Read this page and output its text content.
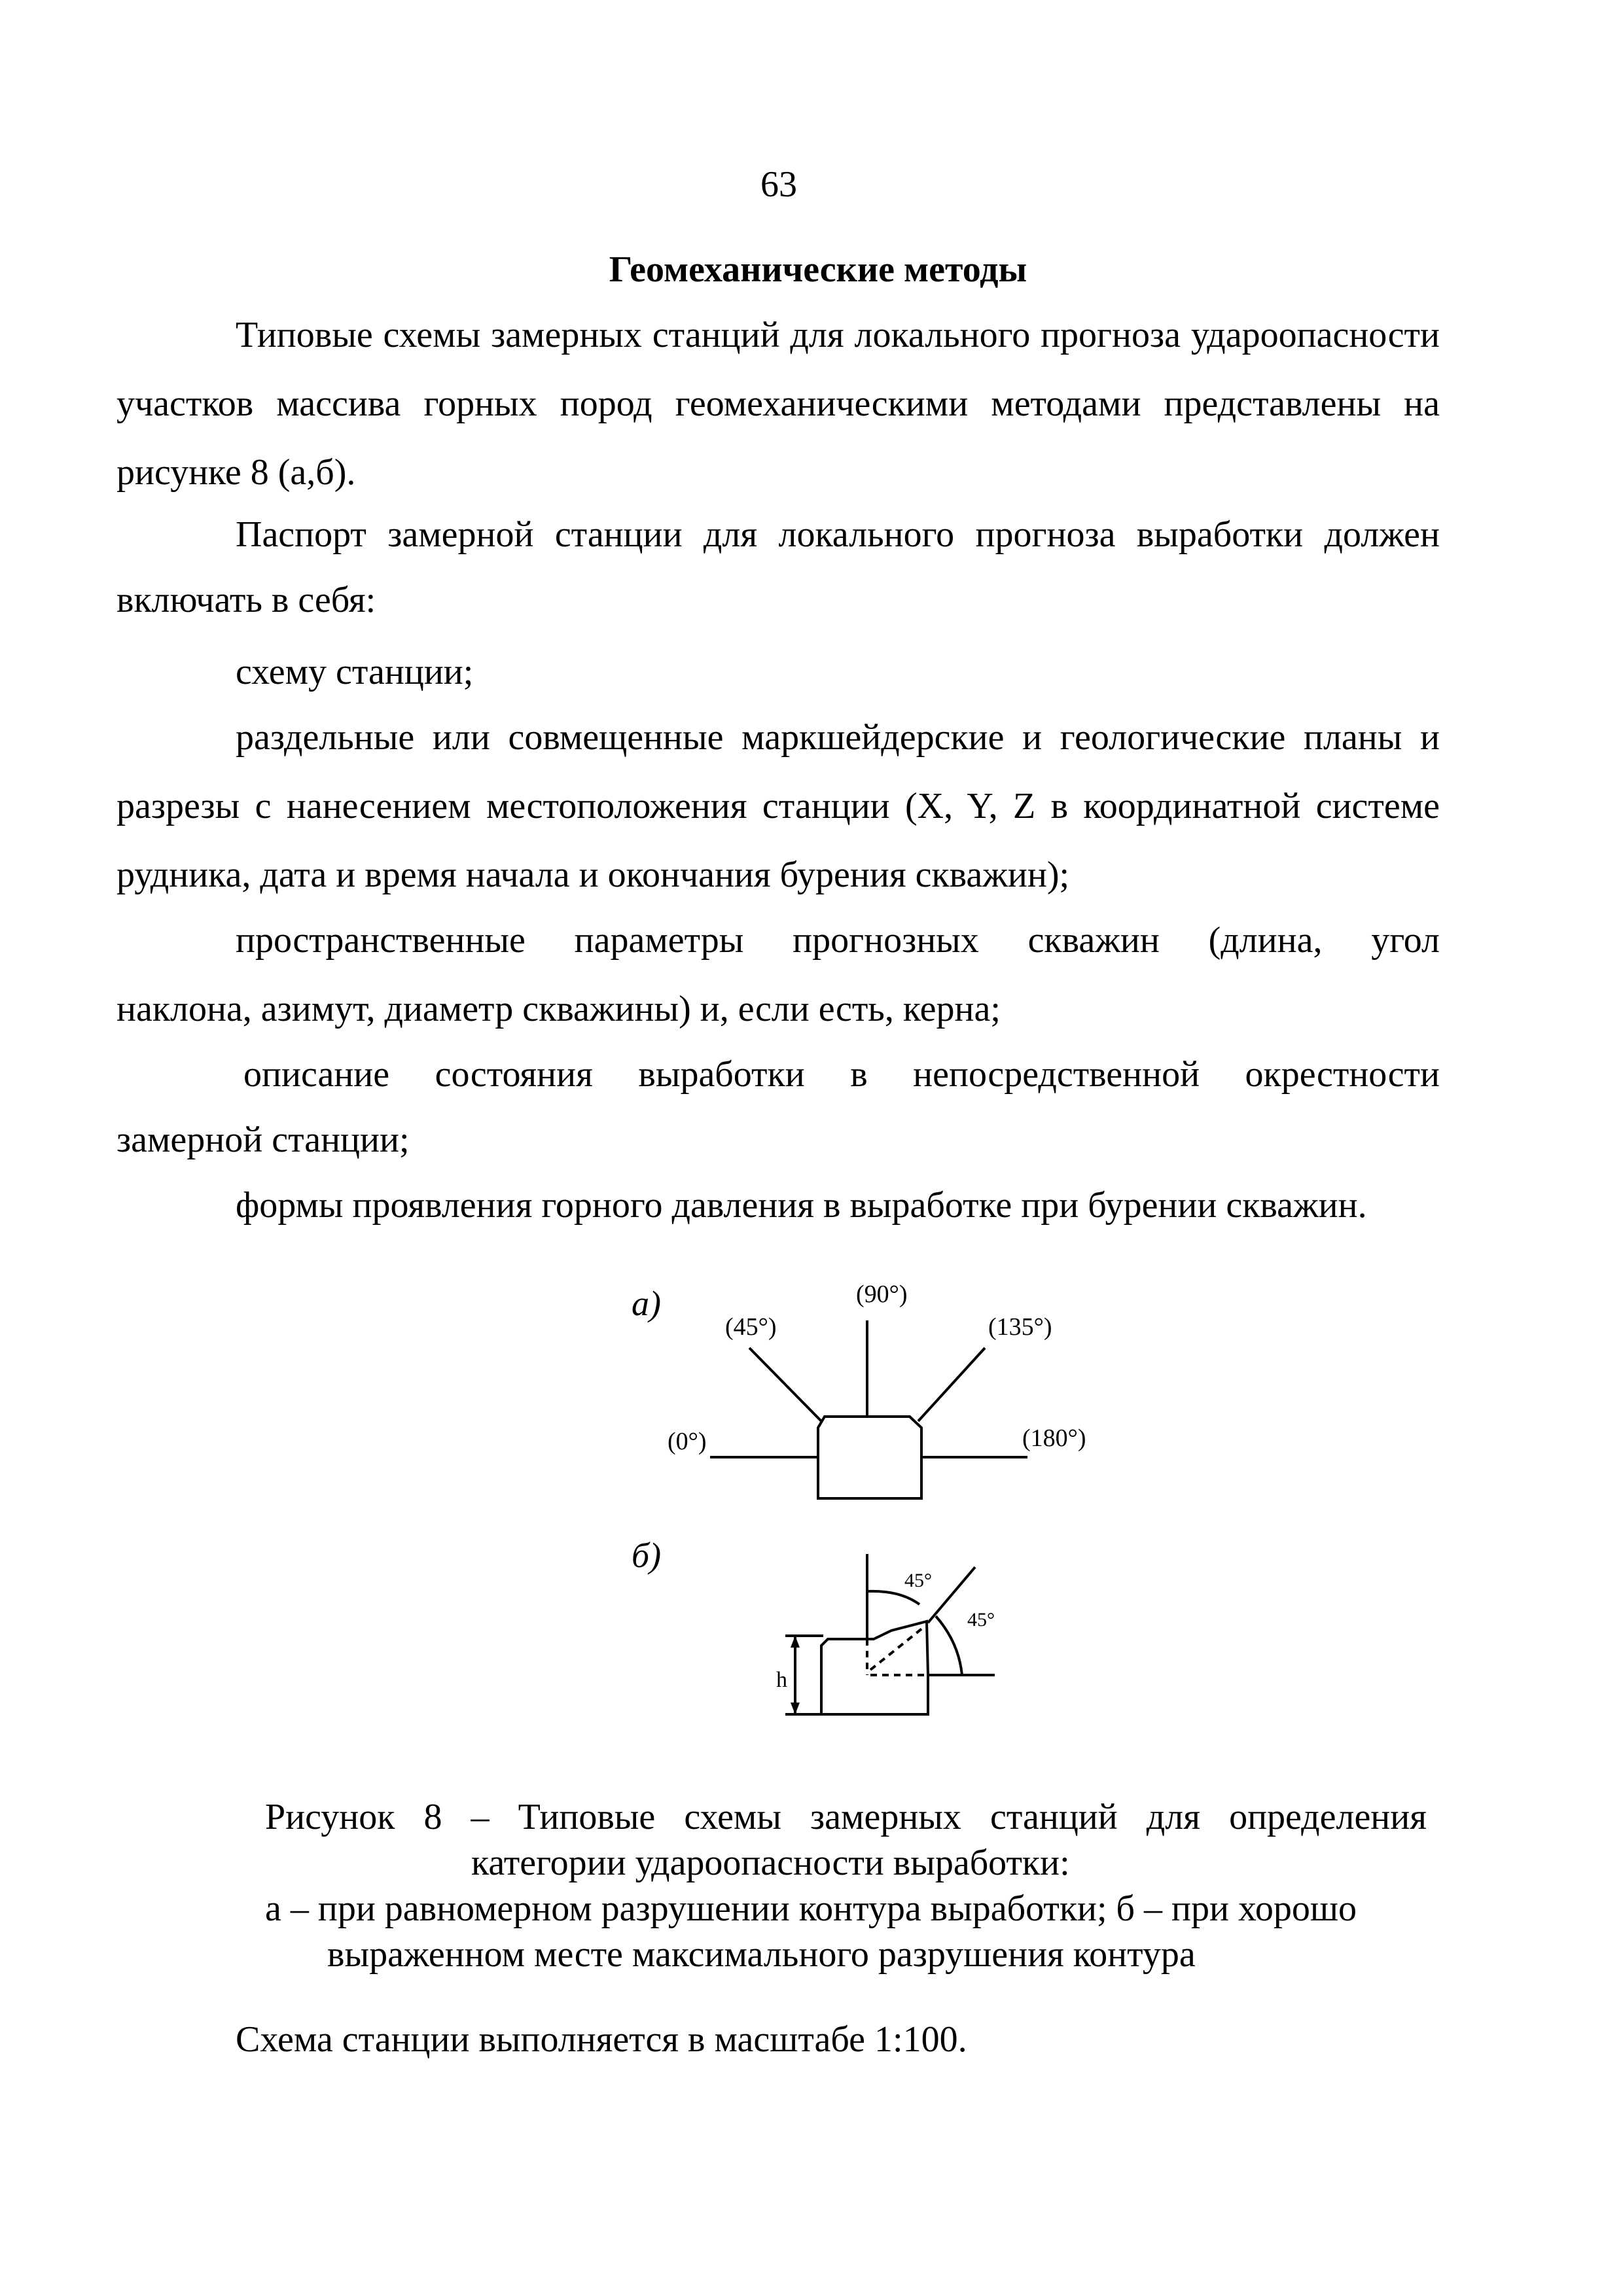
63
Геомеханические методы
Типовые схемы замерных станций для локального прогноза удароопасности
участков массива горных пород геомеханическими методами представлены на
рисунке 8 (а,б).
Паспорт замерной станции для локального прогноза выработки должен
включать в себя:
схему станции;
раздельные или совмещенные маркшейдерские и геологические планы и
разрезы с нанесением местоположения станции (X, Y, Z в координатной системе
рудника, дата и время начала и окончания бурения скважин);
пространственные параметры прогнозных скважин (длина, угол
наклона, азимут, диаметр скважины) и, если есть, керна;
описание состояния выработки в непосредственной окрестности
замерной станции;
формы проявления горного давления в выработке при бурении скважин.
а)
(0°)
(45°)
(90°)
(135°)
(180°)
б)
45°
45°
h
Рисунок 8 – Типовые схемы замерных станций для определения
категории удароопасности выработки:
а – при равномерном разрушении контура выработки; б – при хорошо
выраженном месте максимального разрушения контура
Схема станции выполняется в масштабе 1:100.
